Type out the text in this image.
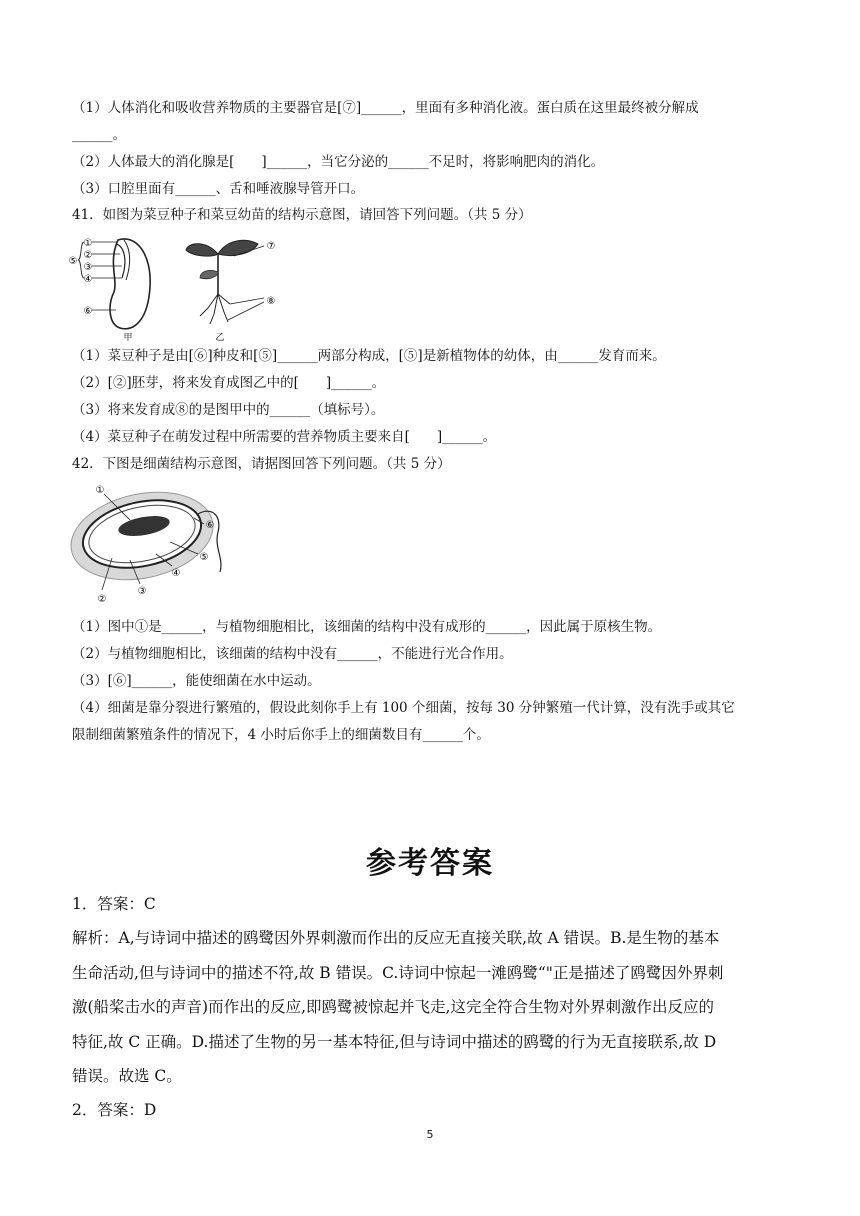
（1）人体消化和吸收营养物质的主要器官是[⑦]______，里面有多种消化液。蛋白质在这里最终被分解成
______。
（2）人体最大的消化腺是[　　]______，当它分泌的______不足时，将影响肥肉的消化。
（3）口腔里面有______、舌和唾液腺导管开口。
41．如图为菜豆种子和菜豆幼苗的结构示意图，请回答下列问题。（共 5 分）
①
②
③
④
⑤
⑥
甲
⑦
⑧
乙
（1）菜豆种子是由[⑥]种皮和[⑤]______两部分构成，[⑤]是新植物体的幼体，由______发育而来。
（2）[②]胚芽，将来发育成图乙中的[　　]______。
（3）将来发育成⑧的是图甲中的______（填标号）。
（4）菜豆种子在萌发过程中所需要的营养物质主要来自[　　]______。
42．下图是细菌结构示意图，请据图回答下列问题。（共 5 分）
①
②
③
④
⑤
⑥
（1）图中①是______，与植物细胞相比，该细菌的结构中没有成形的______，因此属于原核生物。
（2）与植物细胞相比，该细菌的结构中没有______，不能进行光合作用。
（3）[⑥]______，能使细菌在水中运动。
（4）细菌是靠分裂进行繁殖的，假设此刻你手上有 100 个细菌，按每 30 分钟繁殖一代计算，没有洗手或其它
限制细菌繁殖条件的情况下，4 小时后你手上的细菌数目有______个。
参考答案
1．答案：C
解析：A,与诗词中描述的鸥鹭因外界刺激而作出的反应无直接关联,故 A 错误。B.是生物的基本
生命活动,但与诗词中的描述不符,故 B 错误。C.诗词中惊起一滩鸥鹭“"正是描述了鸥鹭因外界刺
激(船桨击水的声音)而作出的反应,即鸥鹭被惊起并飞走,这完全符合生物对外界刺激作出反应的
特征,故 C 正确。D.描述了生物的另一基本特征,但与诗词中描述的鸥鹭的行为无直接联系,故 D
错误。故选 C。
2．答案：D
5
